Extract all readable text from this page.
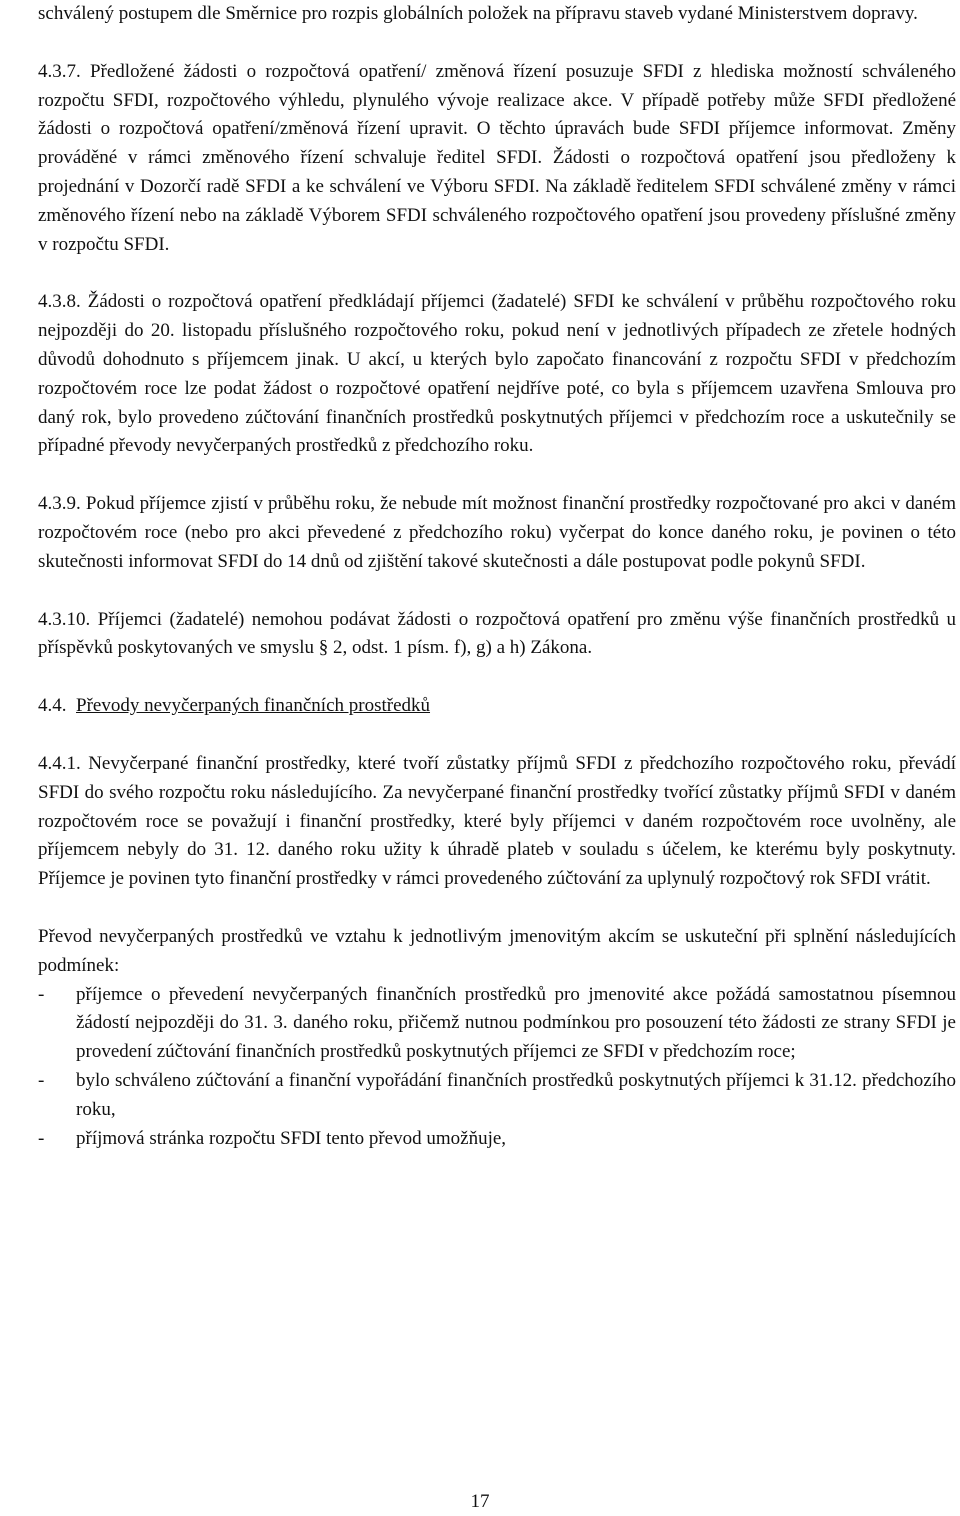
schválený postupem dle Směrnice pro rozpis globálních položek na přípravu staveb vydané Ministerstvem dopravy.

4.3.7. Předložené žádosti o rozpočtová opatření/ změnová řízení posuzuje SFDI z hlediska možností schváleného rozpočtu SFDI, rozpočtového výhledu, plynulého vývoje realizace akce. V případě potřeby může SFDI předložené žádosti o rozpočtová opatření/změnová řízení upravit. O těchto úpravách bude SFDI příjemce informovat. Změny prováděné v rámci změnového řízení schvaluje ředitel SFDI. Žádosti o rozpočtová opatření jsou předloženy k projednání v Dozorčí radě SFDI a ke schválení ve Výboru SFDI. Na základě ředitelem SFDI schválené změny v rámci změnového řízení nebo na základě Výborem SFDI schváleného rozpočtového opatření jsou provedeny příslušné změny v rozpočtu SFDI.

4.3.8. Žádosti o rozpočtová opatření předkládají příjemci (žadatelé) SFDI ke schválení v průběhu rozpočtového roku nejpozději do 20. listopadu příslušného rozpočtového roku, pokud není v jednotlivých případech ze zřetele hodných důvodů dohodnuto s příjemcem jinak. U akcí, u kterých bylo započato financování z rozpočtu SFDI v předchozím rozpočtovém roce lze podat žádost o rozpočtové opatření nejdříve poté, co byla s příjemcem uzavřena Smlouva pro daný rok, bylo provedeno zúčtování finančních prostředků poskytnutých příjemci v předchozím roce a uskutečnily se případné převody nevyčerpaných prostředků z předchozího roku.

4.3.9. Pokud příjemce zjistí v průběhu roku, že nebude mít možnost finanční prostředky rozpočtované pro akci v daném rozpočtovém roce (nebo pro akci převedené z předchozího roku) vyčerpat do konce daného roku, je povinen o této skutečnosti informovat SFDI do 14 dnů od zjištění takové skutečnosti a dále postupovat podle pokynů SFDI.

4.3.10. Příjemci (žadatelé) nemohou podávat žádosti o rozpočtová opatření pro změnu výše finančních prostředků u příspěvků poskytovaných ve smyslu § 2, odst. 1 písm. f), g) a h) Zákona.

4.4. Převody nevyčerpaných finančních prostředků

4.4.1. Nevyčerpané finanční prostředky, které tvoří zůstatky příjmů SFDI z předchozího rozpočtového roku, převádí SFDI do svého rozpočtu roku následujícího. Za nevyčerpané finanční prostředky tvořící zůstatky příjmů SFDI v daném rozpočtovém roce se považují i finanční prostředky, které byly příjemci v daném rozpočtovém roce uvolněny, ale příjemcem nebyly do 31. 12. daného roku užity k úhradě plateb v souladu s účelem, ke kterému byly poskytnuty. Příjemce je povinen tyto finanční prostředky v rámci provedeného zúčtování za uplynulý rozpočtový rok SFDI vrátit.

Převod nevyčerpaných prostředků ve vztahu k jednotlivým jmenovitým akcím se uskuteční při splnění následujících podmínek:

- příjemce o převedení nevyčerpaných finančních prostředků pro jmenovité akce požádá samostatnou písemnou žádostí nejpozději do 31. 3. daného roku, přičemž nutnou podmínkou pro posouzení této žádosti ze strany SFDI je provedení zúčtování finančních prostředků poskytnutých příjemci ze SFDI v předchozím roce;
- bylo schváleno zúčtování a finanční vypořádání finančních prostředků poskytnutých příjemci k 31.12. předchozího roku,
- příjmová stránka rozpočtu SFDI tento převod umožňuje,
17
